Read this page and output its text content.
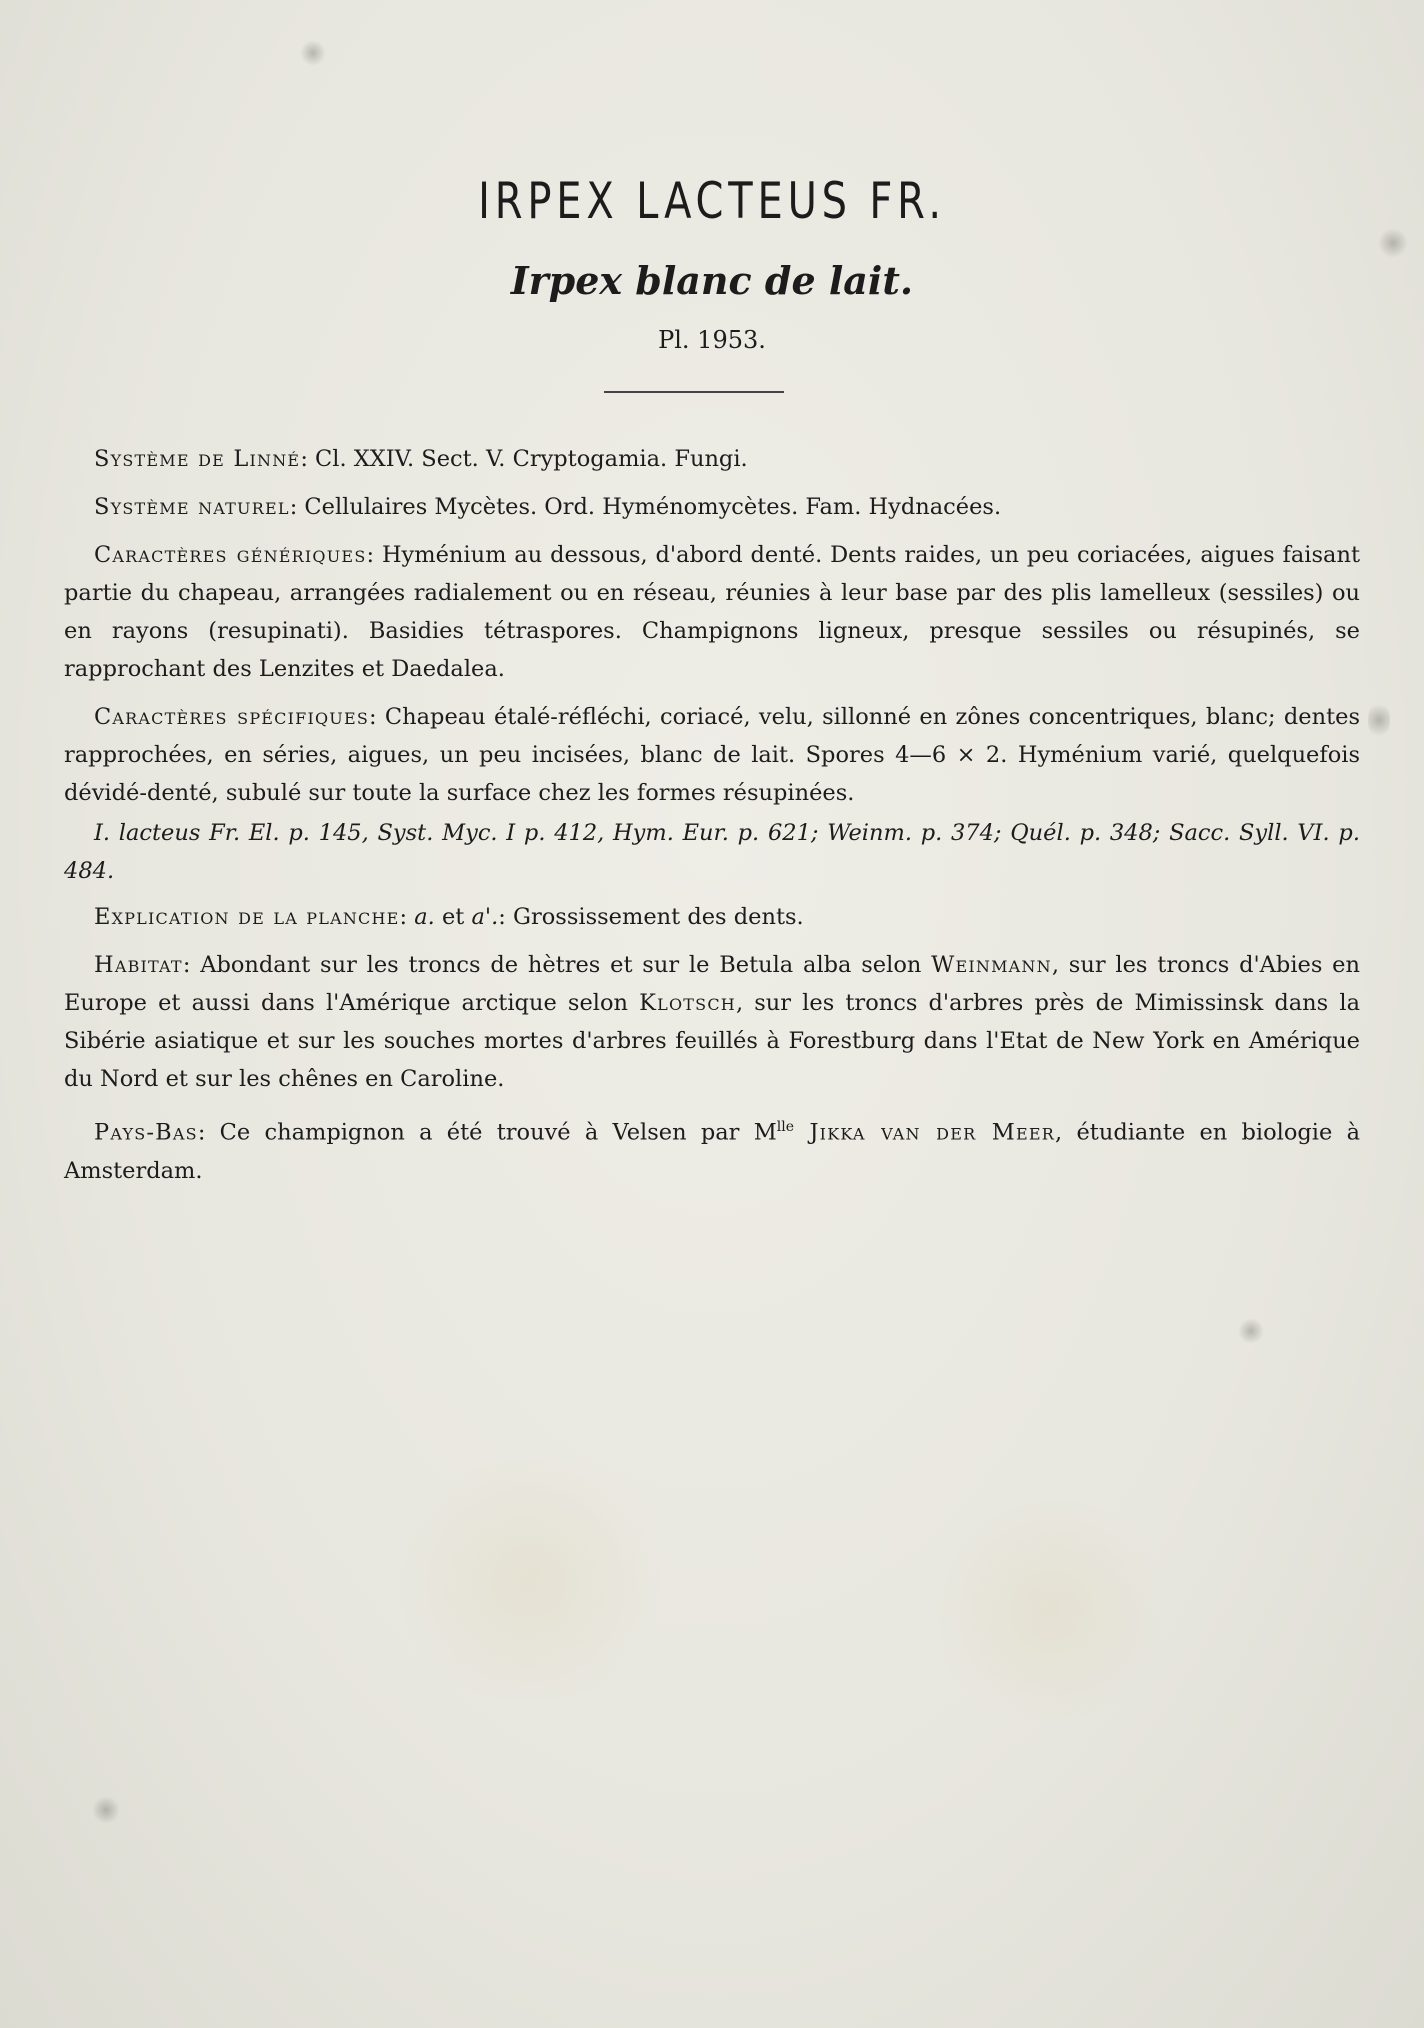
IRPEX LACTEUS FR.
Irpex blanc de lait.
Pl. 1953.

Système de Linné: Cl. XXIV. Sect. V. Cryptogamia. Fungi.

Système naturel: Cellulaires Mycètes. Ord. Hyménomycètes. Fam. Hydnacées.

Caractères génériques: Hyménium au dessous, d'abord denté. Dents raides, un peu coriacées, aigues faisant partie du chapeau, arrangées radialement ou en réseau, réunies à leur base par des plis lamelleux (sessiles) ou en rayons (resupinati). Basidies tétraspores. Champignons ligneux, presque sessiles ou résupinés, se rapprochant des Lenzites et Daedalea.

Caractères spécifiques: Chapeau étalé-réfléchi, coriacé, velu, sillonné en zônes concentriques, blanc; dentes rapprochées, en séries, aigues, un peu incisées, blanc de lait. Spores 4—6 × 2. Hyménium varié, quelquefois dévidé-denté, subulé sur toute la surface chez les formes résupinées.

I. lacteus Fr. El. p. 145, Syst. Myc. I p. 412, Hym. Eur. p. 621; Weinm. p. 374; Quél. p. 348; Sacc. Syll. VI. p. 484.

Explication de la planche: a. et a'.: Grossissement des dents.

Habitat: Abondant sur les troncs de hètres et sur le Betula alba selon Weinmann, sur les troncs d'Abies en Europe et aussi dans l'Amérique arctique selon Klotsch, sur les troncs d'arbres près de Mimissinsk dans la Sibérie asiatique et sur les souches mortes d'arbres feuillés à Forestburg dans l'Etat de New York en Amérique du Nord et sur les chênes en Caroline.

Pays-Bas: Ce champignon a été trouvé à Velsen par $M^{lle}$ Jikka van der Meer, étudiante en biologie à Amsterdam.
